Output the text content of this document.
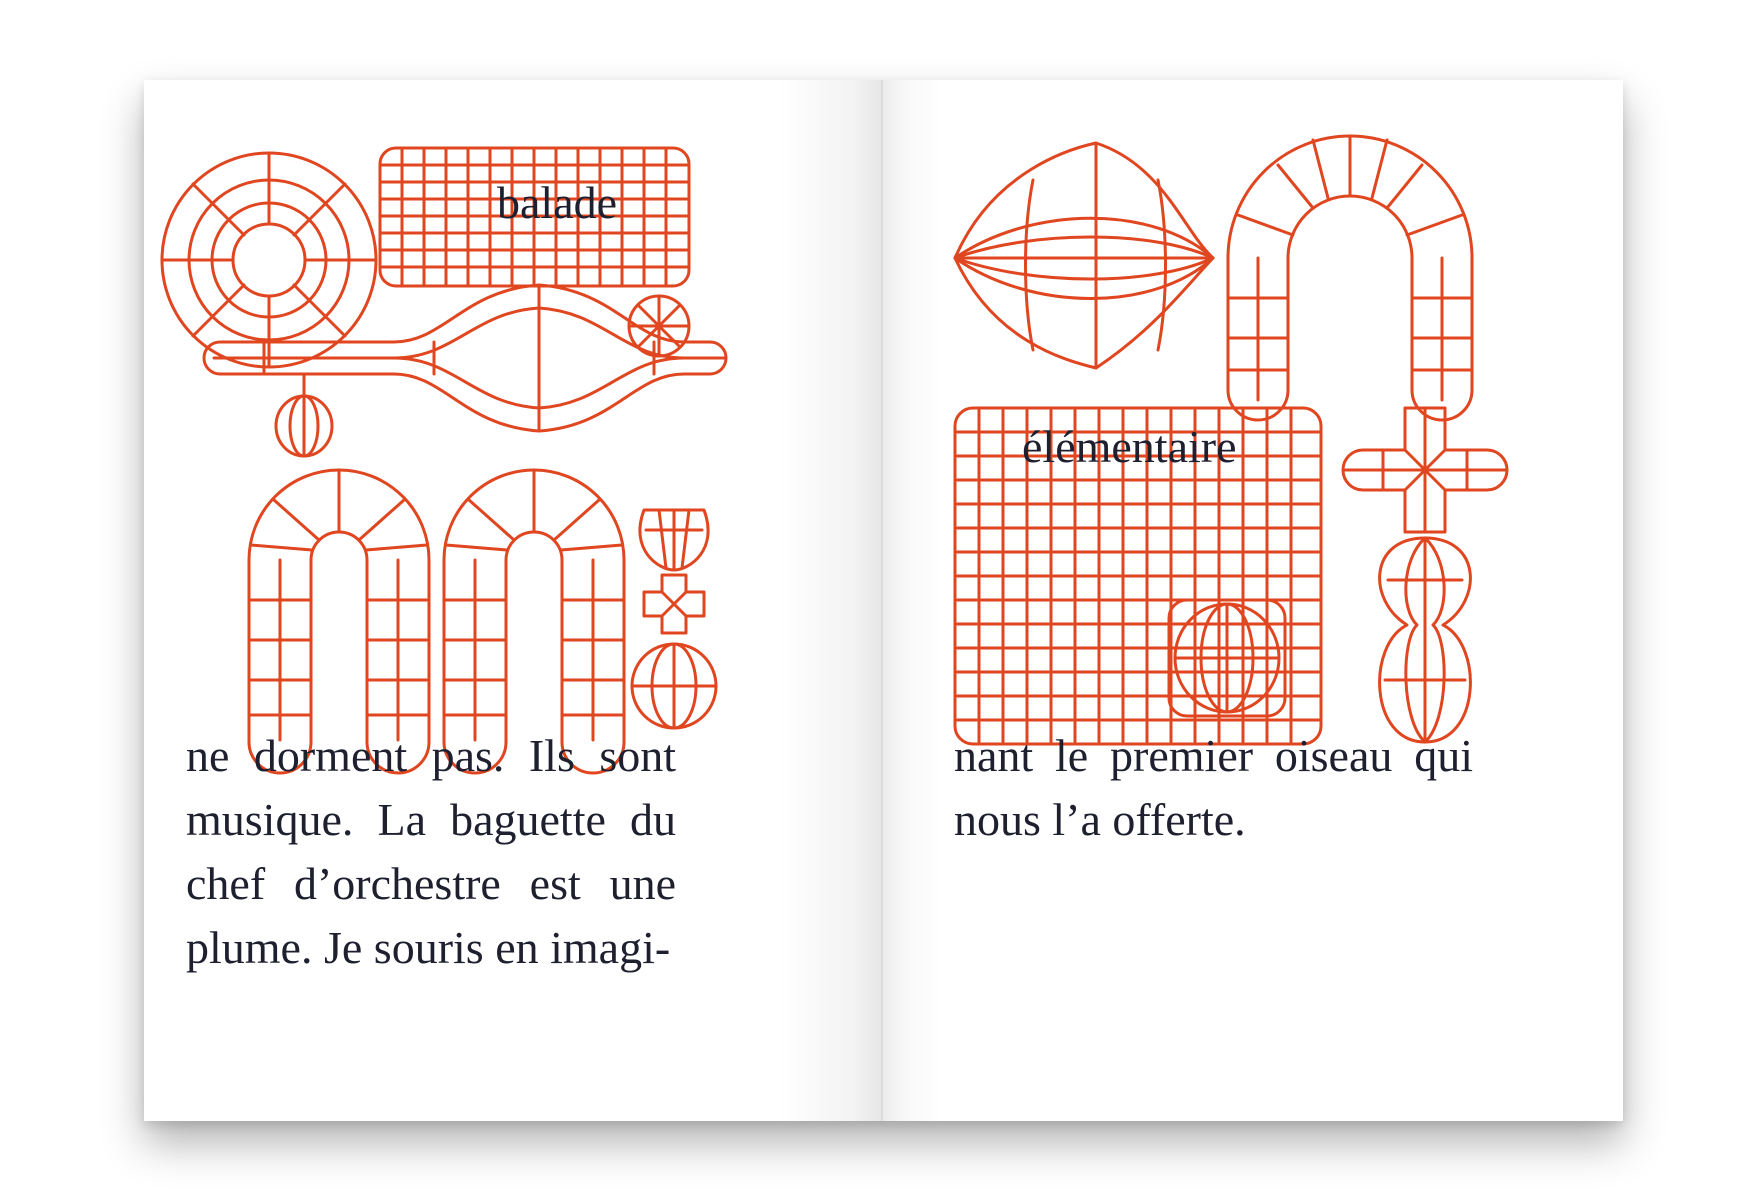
balade
ne dorment pas. Ils sont
musique. La baguette du
chef d’orchestre est une
plume. Je souris en imagi-
élémentaire
nant le premier oiseau qui
nous l’a offerte.
